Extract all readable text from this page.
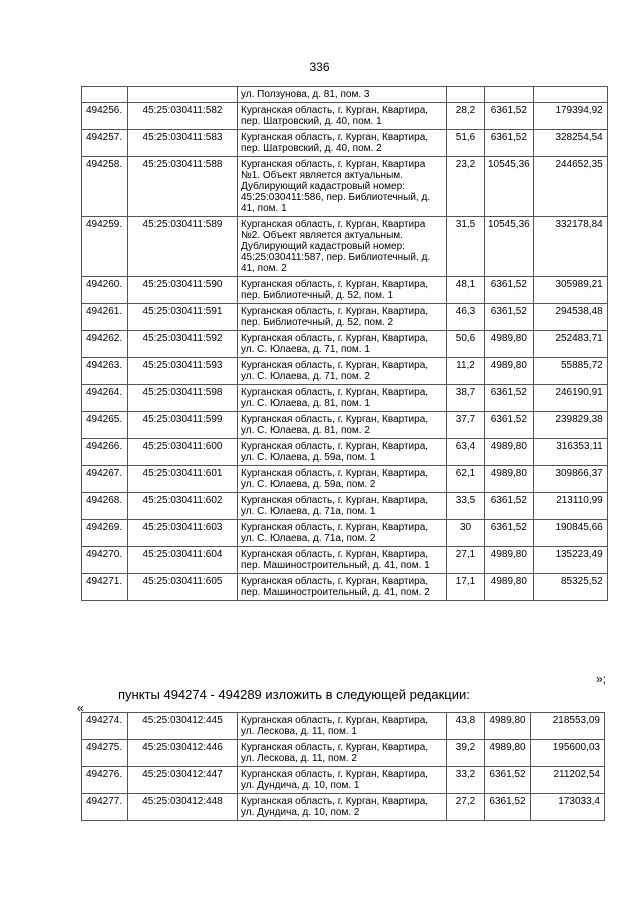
336
		ул. Ползунова, д. 81, пом. 3			
494256.	45:25:030411:582	Курганская область, г. Курган, Квартира, пер. Шатровский, д. 40, пом. 1	28,2	6361,52	179394,92
494257.	45:25:030411:583	Курганская область, г. Курган, Квартира, пер. Шатровский, д. 40, пом. 2	51,6	6361,52	328254,54
494258.	45:25:030411:588	Курганская область, г. Курган, Квартира №1. Объект является актуальным. Дублирующий кадастровый номер: 45:25:030411:586, пер. Библиотечный, д. 41, пом. 1	23,2	10545,36	244652,35
494259.	45:25:030411:589	Курганская область, г. Курган, Квартира №2. Объект является актуальным. Дублирующий кадастровый номер: 45:25:030411:587, пер. Библиотечный, д. 41, пом. 2	31,5	10545,36	332178,84
494260.	45:25:030411:590	Курганская область, г. Курган, Квартира, пер. Библиотечный, д. 52, пом. 1	48,1	6361,52	305989,21
494261.	45:25:030411:591	Курганская область, г. Курган, Квартира, пер. Библиотечный, д. 52, пом. 2	46,3	6361,52	294538,48
494262.	45:25:030411:592	Курганская область, г. Курган, Квартира, ул. С. Юлаева, д. 71, пом. 1	50,6	4989,80	252483,71
494263.	45:25:030411:593	Курганская область, г. Курган, Квартира, ул. С. Юлаева, д. 71, пом. 2	11,2	4989,80	55885,72
494264.	45:25:030411:598	Курганская область, г. Курган, Квартира, ул. С. Юлаева, д. 81, пом. 1	38,7	6361,52	246190,91
494265.	45:25:030411:599	Курганская область, г. Курган, Квартира, ул. С. Юлаева, д. 81, пом. 2	37,7	6361,52	239829,38
494266.	45:25:030411:600	Курганская область, г. Курган, Квартира, ул. С. Юлаева, д. 59а, пом. 1	63,4	4989,80	316353,11
494267.	45:25:030411:601	Курганская область, г. Курган, Квартира, ул. С. Юлаева, д. 59а, пом. 2	62,1	4989,80	309866,37
494268.	45:25:030411:602	Курганская область, г. Курган, Квартира, ул. С. Юлаева, д. 71а, пом. 1	33,5	6361,52	213110,99
494269.	45:25:030411:603	Курганская область, г. Курган, Квартира, ул. С. Юлаева, д. 71а, пом. 2	30	6361,52	190845,66
494270.	45:25:030411:604	Курганская область, г. Курган, Квартира, пер. Машиностроительный, д. 41, пом. 1	27,1	4989,80	135223,49
494271.	45:25:030411:605	Курганская область, г. Курган, Квартира, пер. Машиностроительный, д. 41, пом. 2	17,1	4989,80	85325,52
»;
пункты 494274 - 494289 изложить в следующей редакции:
«
494274.	45:25:030412:445	Курганская область, г. Курган, Квартира, ул. Лескова, д. 11, пом. 1	43,8	4989,80	218553,09
494275.	45:25:030412:446	Курганская область, г. Курган, Квартира, ул. Лескова, д. 11, пом. 2	39,2	4989,80	195600,03
494276.	45:25:030412:447	Курганская область, г. Курган, Квартира, ул. Дундича, д. 10, пом. 1	33,2	6361,52	211202,54
494277.	45:25:030412:448	Курганская область, г. Курган, Квартира, ул. Дундича, д. 10, пом. 2	27,2	6361,52	173033,4
